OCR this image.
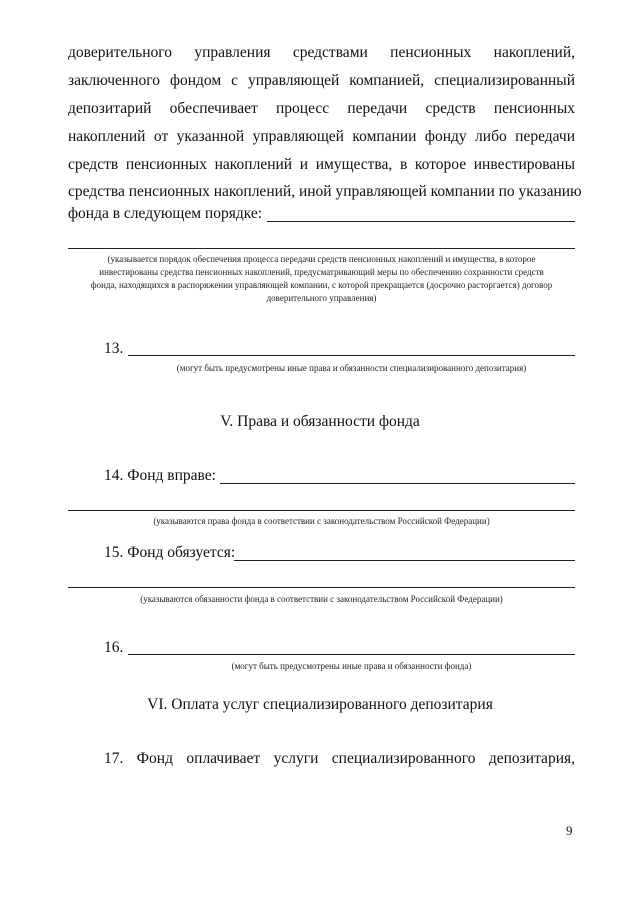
доверительного управления средствами пенсионных накоплений,
заключенного фондом с управляющей компанией, специализированный
депозитарий обеспечивает процесс передачи средств пенсионных
накоплений от указанной управляющей компании фонду либо передачи
средств пенсионных накоплений и имущества, в которое инвестированы
средства пенсионных накоплений, иной управляющей компании по указанию
фонда в следующем порядке:
(указывается порядок обеспечения процесса передачи средств пенсионных накоплений и имущества, в которое
инвестированы средства пенсионных накоплений, предусматривающий меры по обеспечению сохранности средств
фонда, находящихся в распоряжении управляющей компании, с которой прекращается (досрочно расторгается) договор
доверительного управления)
13.
(могут быть предусмотрены иные права и обязанности специализированного депозитария)
V. Права и обязанности фонда
14. Фонд вправе:
(указываются права фонда в соответствии с законодательством Российской Федерации)
15. Фонд обязуется:
(указываются обязанности фонда в соответствии с законодательством Российской Федерации)
16.
(могут быть предусмотрены иные права и обязанности фонда)
VI. Оплата услуг специализированного депозитария
17. Фонд оплачивает услуги специализированного депозитария,
9
